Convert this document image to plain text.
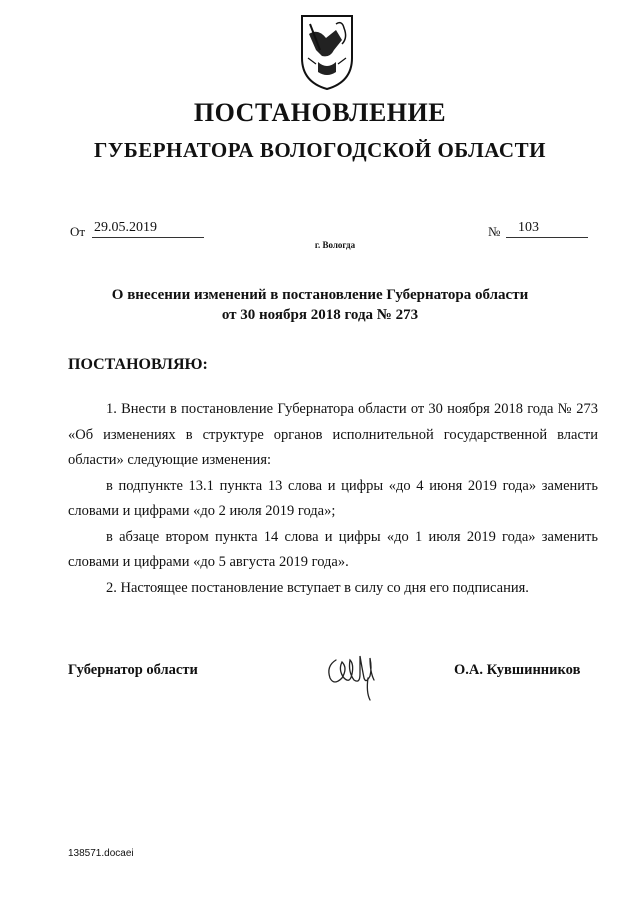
ПОСТАНОВЛЕНИЕ
ГУБЕРНАТОРА ВОЛОГОДСКОЙ ОБЛАСТИ
От 29.05.2019	№ 103
г. Вологда
О внесении изменений в постановление Губернатора области
от 30 ноября 2018 года № 273
ПОСТАНОВЛЯЮ:

1. Внести в постановление Губернатора области от 30 ноября 2018 года № 273 «Об изменениях в структуре органов исполнительной государственной власти области» следующие изменения:

в подпункте 13.1 пункта 13 слова и цифры «до 4 июня 2019 года» заменить словами и цифрами «до 2 июля 2019 года»;

в абзаце втором пункта 14 слова и цифры «до 1 июля 2019 года» заменить словами и цифрами «до 5 августа 2019 года».

2. Настоящее постановление вступает в силу со дня его подписания.

Губернатор области	О.А. Кувшинников
138571.docaei
